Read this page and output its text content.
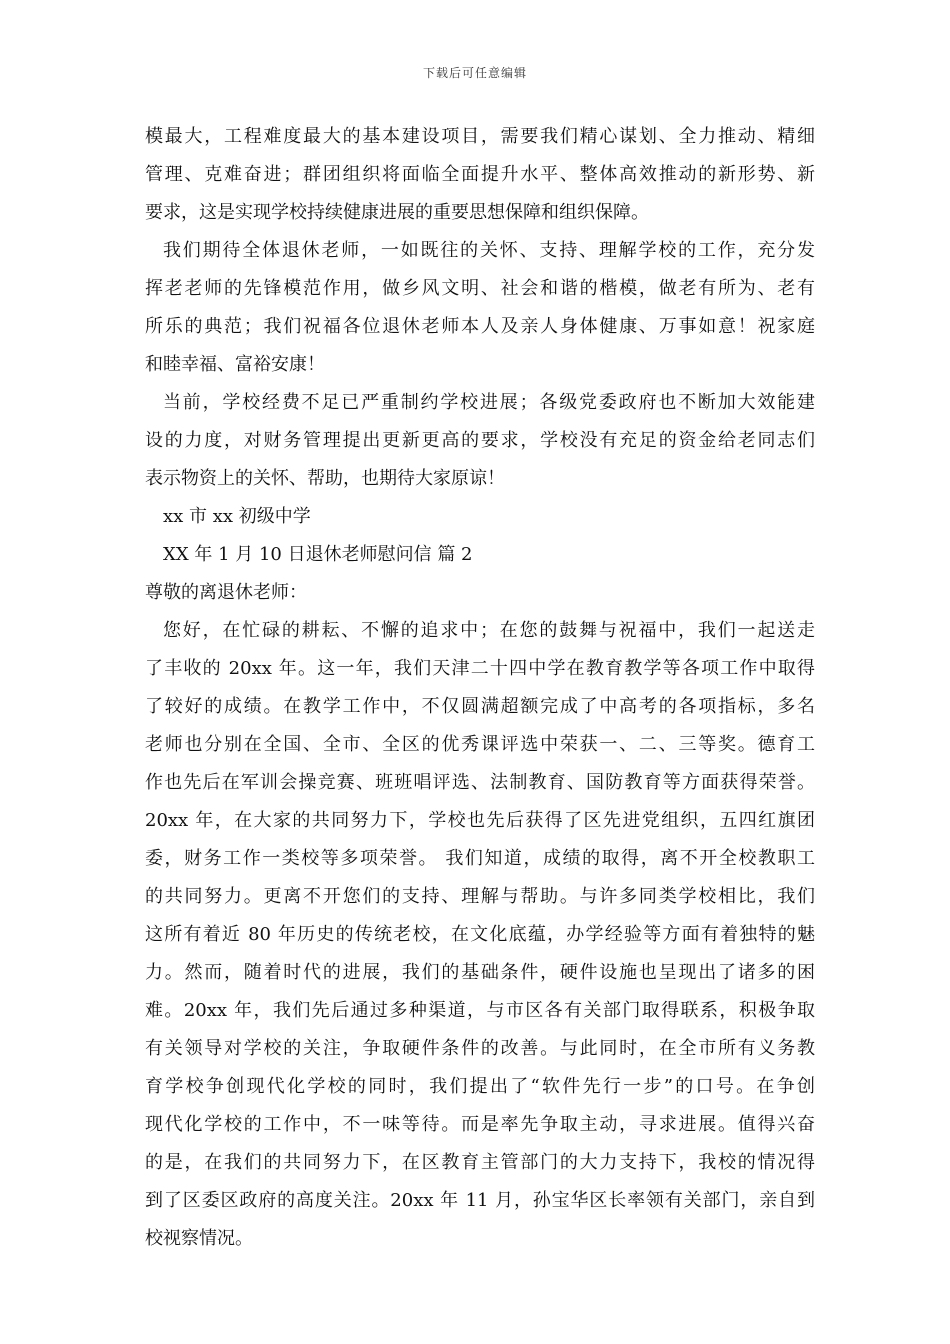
下载后可任意编辑
模最大，工程难度最大的基本建设项目，需要我们精心谋划、全力推动、精细
管理、克难奋进；群团组织将面临全面提升水平、整体高效推动的新形势、新
要求，这是实现学校持续健康进展的重要思想保障和组织保障。
我们期待全体退休老师，一如既往的关怀、支持、理解学校的工作，充分发
挥老老师的先锋模范作用，做乡风文明、社会和谐的楷模，做老有所为、老有
所乐的典范；我们祝福各位退休老师本人及亲人身体健康、万事如意！祝家庭
和睦幸福、富裕安康！
当前，学校经费不足已严重制约学校进展；各级党委政府也不断加大效能建
设的力度，对财务管理提出更新更高的要求，学校没有充足的资金给老同志们
表示物资上的关怀、帮助，也期待大家原谅！
xx 市 xx 初级中学
XX 年 1 月 10 日退休老师慰问信 篇 2
尊敬的离退休老师：
您好，在忙碌的耕耘、不懈的追求中；在您的鼓舞与祝福中，我们一起送走
了丰收的 20xx 年。这一年，我们天津二十四中学在教育教学等各项工作中取得
了较好的成绩。在教学工作中，不仅圆满超额完成了中高考的各项指标，多名
老师也分别在全国、全市、全区的优秀课评选中荣获一、二、三等奖。德育工
作也先后在军训会操竞赛、班班唱评选、法制教育、国防教育等方面获得荣誉。
20xx 年，在大家的共同努力下，学校也先后获得了区先进党组织，五四红旗团
委，财务工作一类校等多项荣誉。 我们知道，成绩的取得，离不开全校教职工
的共同努力。更离不开您们的支持、理解与帮助。与许多同类学校相比，我们
这所有着近 80 年历史的传统老校，在文化底蕴，办学经验等方面有着独特的魅
力。然而，随着时代的进展，我们的基础条件，硬件设施也呈现出了诸多的困
难。20xx 年，我们先后通过多种渠道，与市区各有关部门取得联系，积极争取
有关领导对学校的关注，争取硬件条件的改善。与此同时，在全市所有义务教
育学校争创现代化学校的同时，我们提出了“软件先行一步”的口号。在争创
现代化学校的工作中，不一味等待。而是率先争取主动，寻求进展。值得兴奋
的是，在我们的共同努力下，在区教育主管部门的大力支持下，我校的情况得
到了区委区政府的高度关注。20xx 年 11 月，孙宝华区长率领有关部门，亲自到
校视察情况。
